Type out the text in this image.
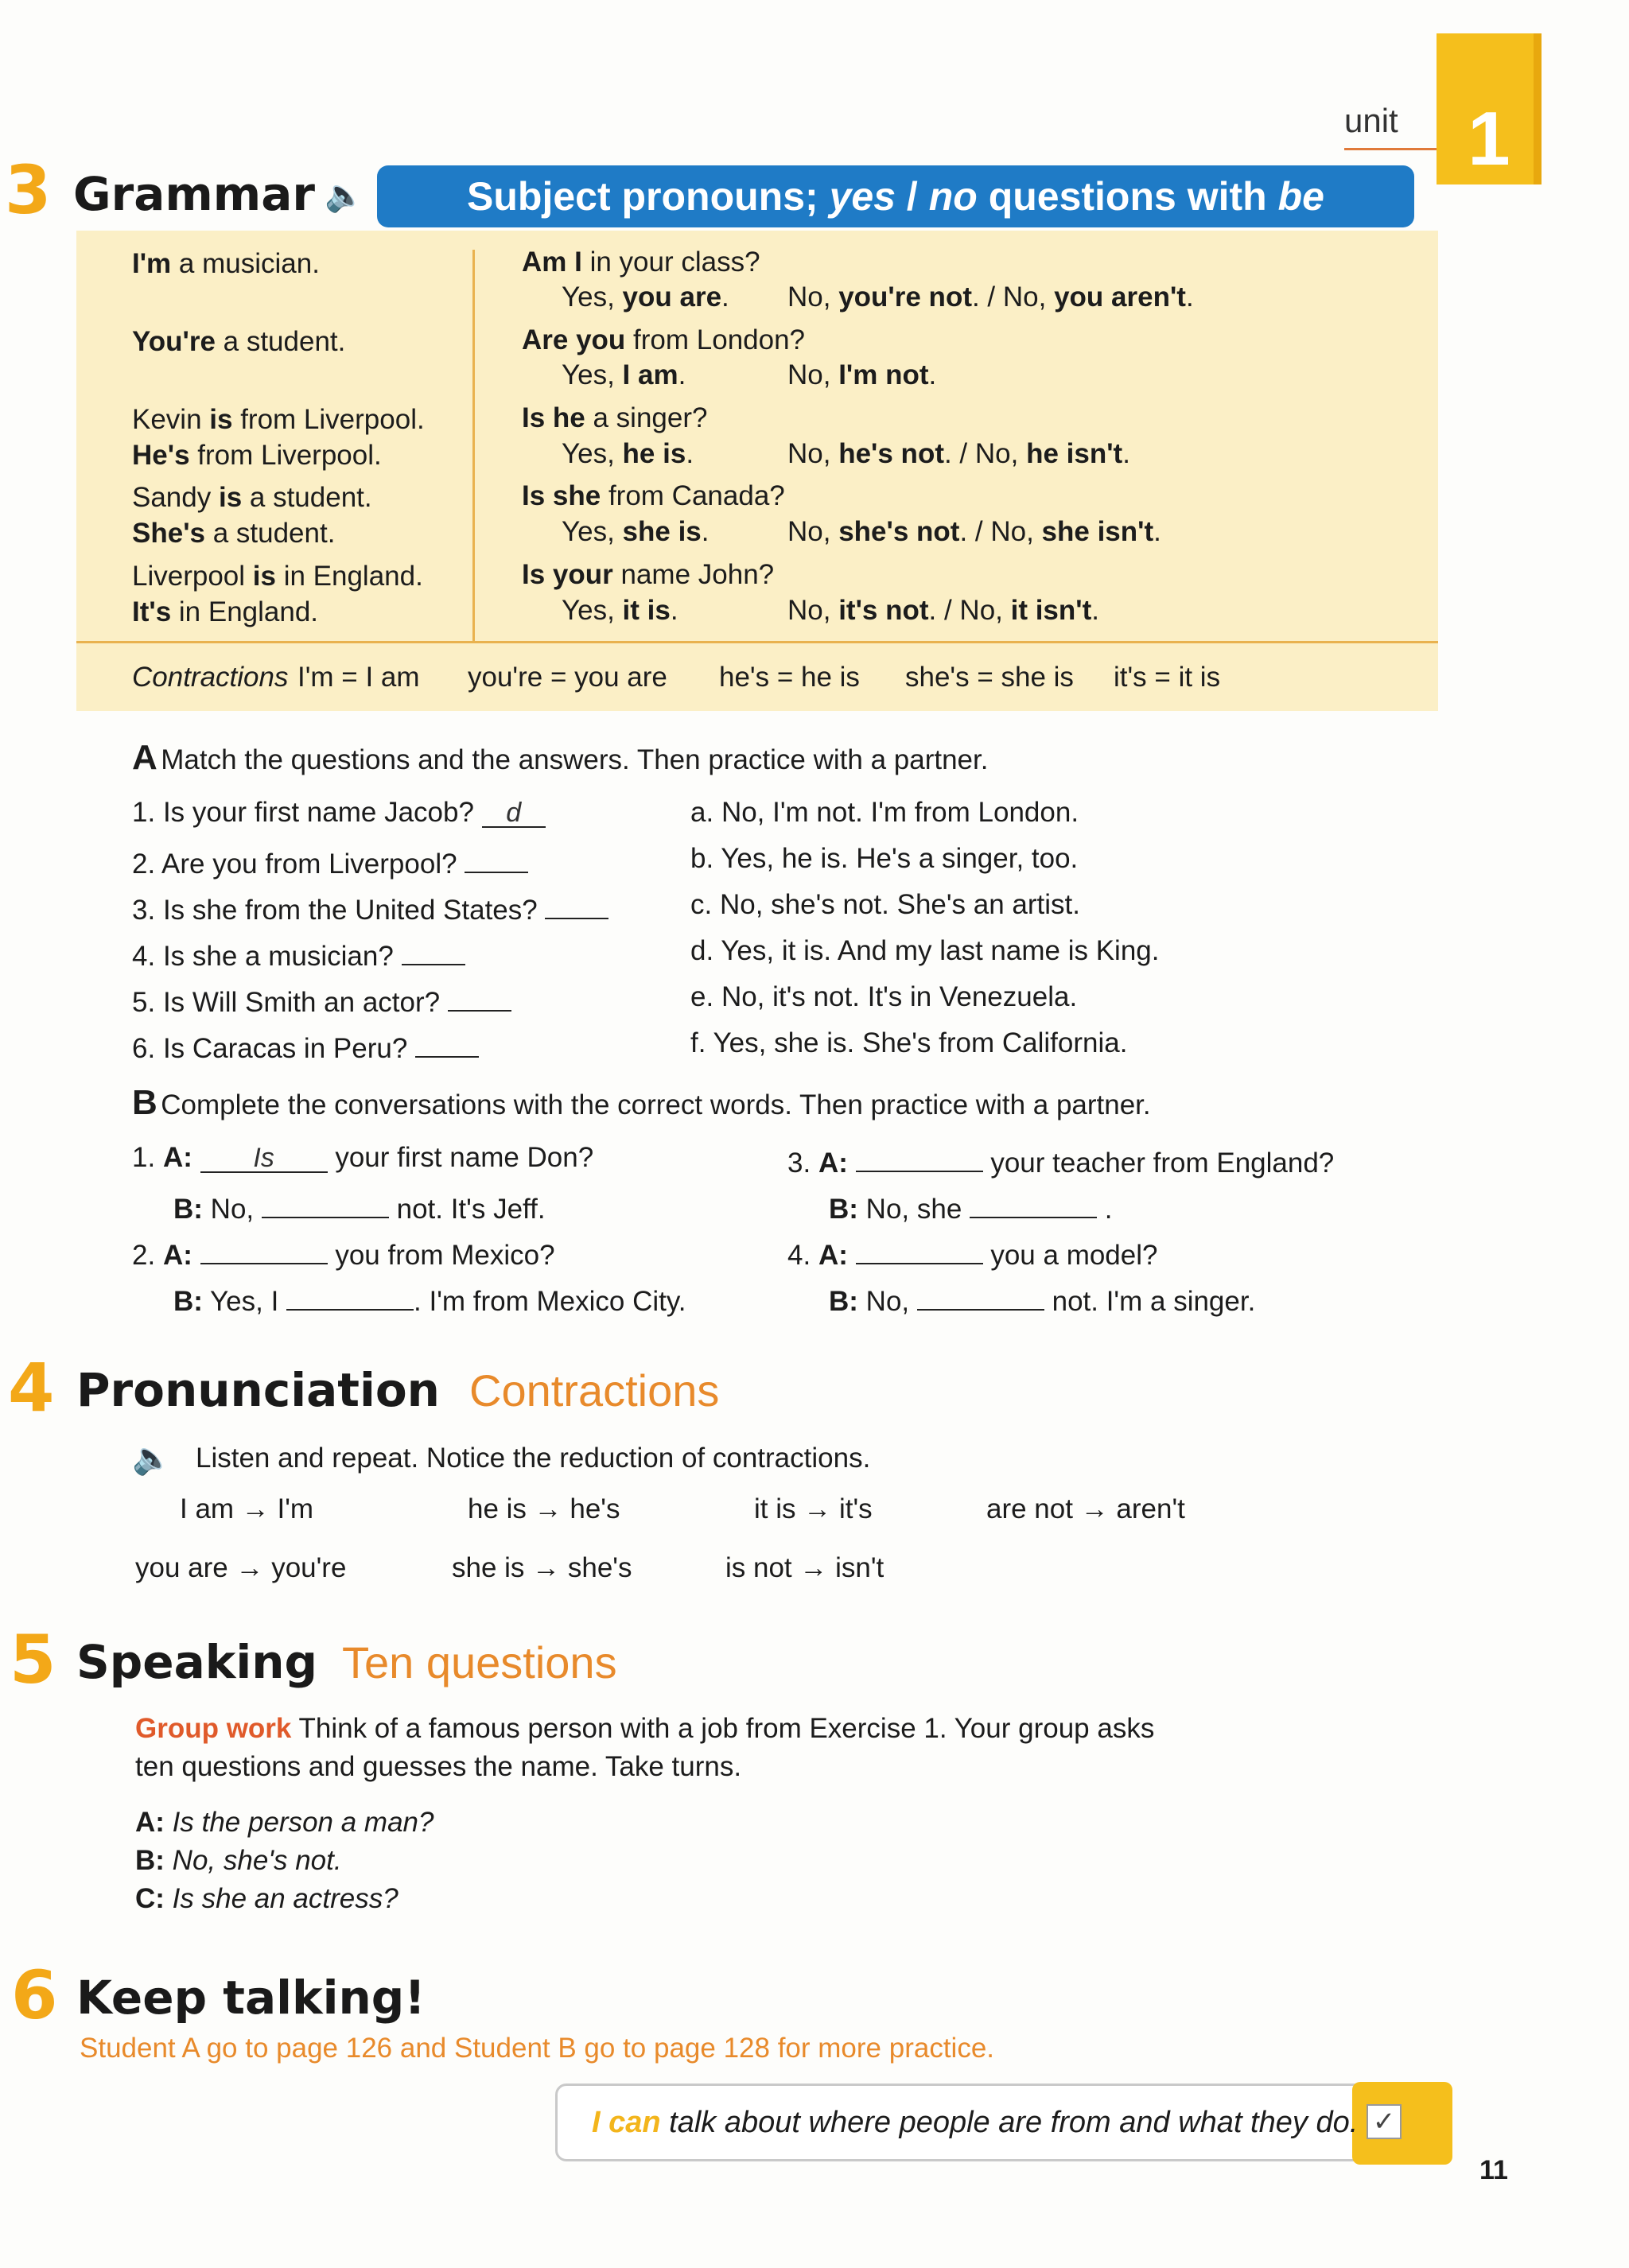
unit 1
3 Grammar 🔈	Subject pronouns; yes / no questions with be
I'm a musician.
You're a student.
Kevin is from Liverpool.
He's from Liverpool.
Sandy is a student.
She's a student.
Liverpool is in England.
It's in England.
Am I in your class?
Yes, you are. No, you're not. / No, you aren't.
Are you from London?
Yes, I am.	No, I'm not.
Is he a singer?
Yes, he is.	No, he's not. / No, he isn't.
Is she from Canada?
Yes, she is.	No, she's not. / No, she isn't.
Is your name John?
Yes, it is.	No, it's not. / No, it isn't.
Contractions I'm = I am you're = you are he's = he is she's = she is it's = it is
A Match the questions and the answers. Then practice with a partner.
1. Is your first name Jacob? d
2. Are you from Liverpool?
3. Is she from the United States?
4. Is she a musician?
5. Is Will Smith an actor?
6. Is Caracas in Peru?
a. No, I'm not. I'm from London.
b. Yes, he is. He's a singer, too.
c. No, she's not. She's an artist.
d. Yes, it is. And my last name is King.
e. No, it's not. It's in Venezuela.
f. Yes, she is. She's from California.
B Complete the conversations with the correct words. Then practice with a partner.
1. A: Is your first name Don?
B: No,	not. It's Jeff.
2. A:	you from Mexico?
B: Yes, I	. I'm from Mexico City.
3. A:	your teacher from England?
B: No, she	.
4. A:	you a model?
B: No,	not. I'm a singer.
4 Pronunciation Contractions
🔈 Listen and repeat. Notice the reduction of contractions.
I am → I'm	he is → he's	it is → it's	are not → aren't
you are → you're	she is → she's	is not → isn't
5 Speaking Ten questions
Group work Think of a famous person with a job from Exercise 1. Your group asks
ten questions and guesses the name. Take turns.
A: Is the person a man?
B: No, she's not.
C: Is she an actress?
6 Keep talking!
Student A go to page 126 and Student B go to page 128 for more practice.
I can talk about where people are from and what they do. ✓
11
